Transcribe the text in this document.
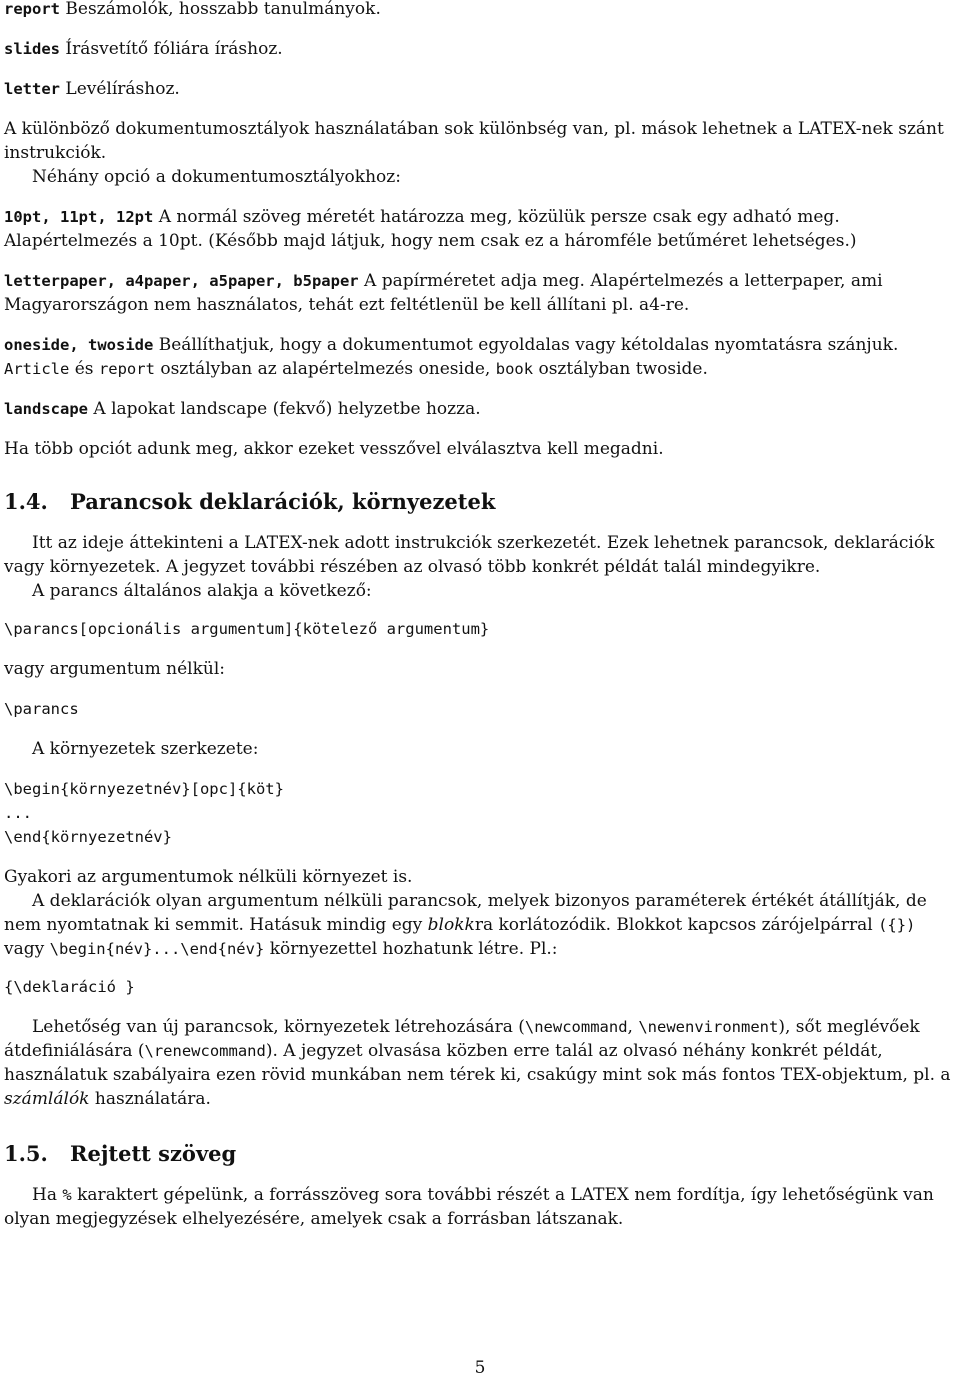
report Beszámolók, hosszabb tanulmányok.

slides Írásvetítő fóliára íráshoz.

letter Levélíráshoz.

A különböző dokumentumosztályok használatában sok különbség van, pl. mások lehetnek a LATEX-nek szánt instrukciók.

Néhány opció a dokumentumosztályokhoz:

10pt, 11pt, 12pt A normál szöveg méretét határozza meg, közülük persze csak egy adható meg. Alapértelmezés a 10pt. (Később majd látjuk, hogy nem csak ez a háromféle betűméret lehetséges.)

letterpaper, a4paper, a5paper, b5paper A papírméretet adja meg. Alapértelmezés a letterpaper, ami Magyarországon nem használatos, tehát ezt feltétlenül be kell állítani pl. a4-re.

oneside, twoside Beállíthatjuk, hogy a dokumentumot egyoldalas vagy kétoldalas nyomtatásra szánjuk. Article és report osztályban az alapértelmezés oneside, book osztályban twoside.

landscape A lapokat landscape (fekvő) helyzetbe hozza.

Ha több opciót adunk meg, akkor ezeket vesszővel elválasztva kell megadni.

1.4. Parancsok deklarációk, környezetek

Itt az ideje áttekinteni a LATEX-nek adott instrukciók szerkezetét. Ezek lehetnek parancsok, deklarációk vagy környezetek. A jegyzet további részében az olvasó több konkrét példát talál mindegyikre.

A parancs általános alakja a következő:

\parancs[opcionális argumentum]{kötelező argumentum}

vagy argumentum nélkül:

\parancs

A környezetek szerkezete:

\begin{környezetnév}[opc]{köt}
...
\end{környezetnév}

Gyakori az argumentumok nélküli környezet is.

A deklarációk olyan argumentum nélküli parancsok, melyek bizonyos paraméterek értékét átállítják, de nem nyomtatnak ki semmit. Hatásuk mindig egy blokkra korlátozódik. Blokkot kapcsos zárójelpárral ({}) vagy \begin{név}...\end{név} környezettel hozhatunk létre. Pl.:

{\deklaráció }

Lehetőség van új parancsok, környezetek létrehozására (\newcommand, \newenvironment), sőt meglévőek átdefiniálására (\renewcommand). A jegyzet olvasása közben erre talál az olvasó néhány konkrét példát, használatuk szabályaira ezen rövid munkában nem térek ki, csakúgy mint sok más fontos TEX-objektum, pl. a számlálók használatára.

1.5. Rejtett szöveg

Ha % karaktert gépelünk, a forrásszöveg sora további részét a LATEX nem fordítja, így lehetőségünk van olyan megjegyzések elhelyezésére, amelyek csak a forrásban látszanak.

5
